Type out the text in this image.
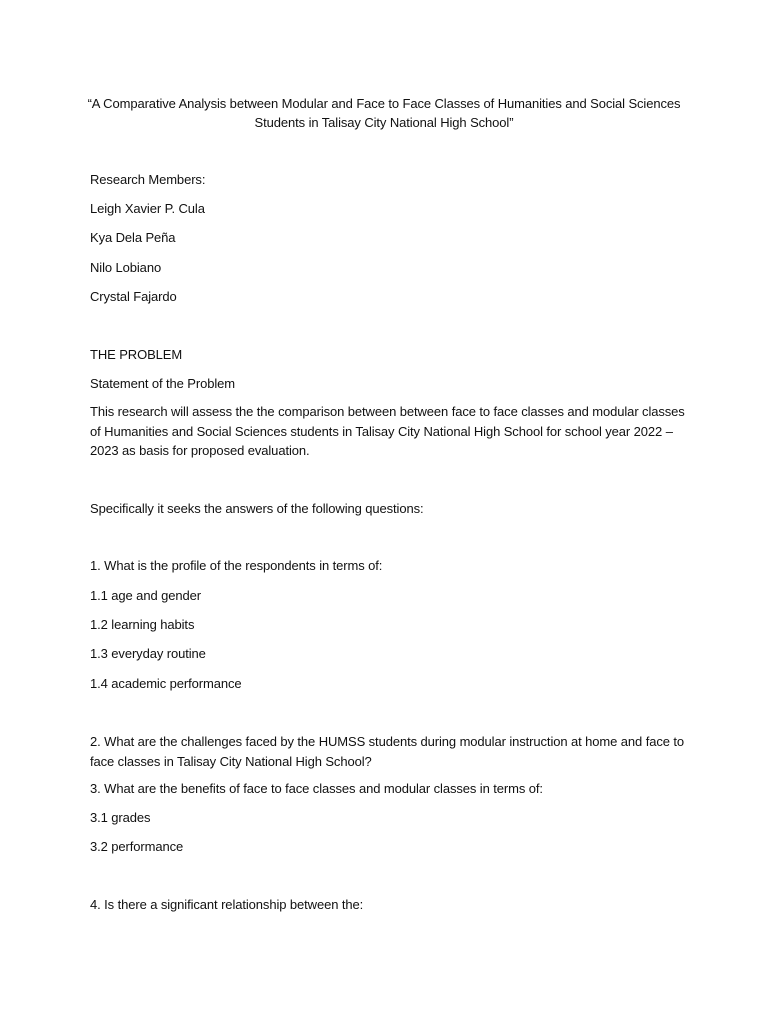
“A Comparative Analysis between Modular and Face to Face Classes of Humanities and Social Sciences Students in Talisay City National High School”
Research Members:
Leigh Xavier P. Cula
Kya Dela Peña
Nilo Lobiano
Crystal Fajardo
THE PROBLEM
Statement of the Problem
This research will assess the the comparison between between face to face classes and modular classes of Humanities and Social Sciences students in Talisay City National High School for school year 2022 – 2023 as basis for proposed evaluation.
Specifically it seeks the answers of the following questions:
1. What is the profile of the respondents in terms of:
1.1 age and gender
1.2 learning habits
1.3 everyday routine
1.4 academic performance
2. What are the challenges faced by the HUMSS students during modular instruction at home and face to face classes in Talisay City National High School?
3. What are the benefits of face to face classes and modular classes in terms of:
3.1 grades
3.2 performance
4. Is there a significant relationship between the:
